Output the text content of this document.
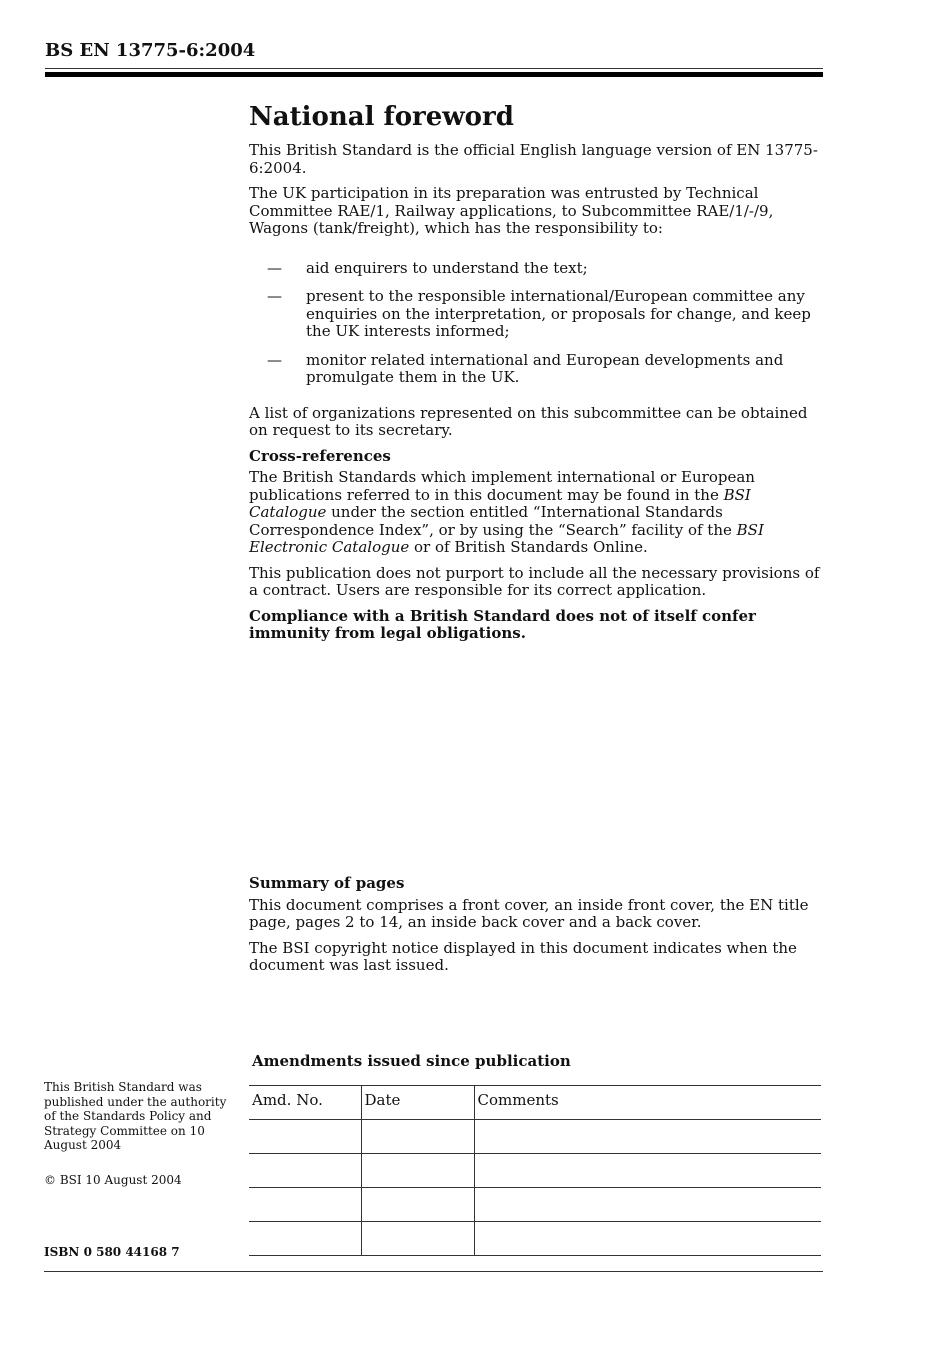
BS EN 13775-6:2004
National foreword

This British Standard is the official English language version of EN 13775-6:2004.

The UK participation in its preparation was entrusted by Technical Committee RAE/1, Railway applications, to Subcommittee RAE/1/-/9, Wagons (tank/freight), which has the responsibility to:

— aid enquirers to understand the text;
— present to the responsible international/European committee any enquiries on the interpretation, or proposals for change, and keep the UK interests informed;
— monitor related international and European developments and promulgate them in the UK.

A list of organizations represented on this subcommittee can be obtained on request to its secretary.

Cross-references

The British Standards which implement international or European publications referred to in this document may be found in the BSI Catalogue under the section entitled “International Standards Correspondence Index”, or by using the “Search” facility of the BSI Electronic Catalogue or of British Standards Online.

This publication does not purport to include all the necessary provisions of a contract. Users are responsible for its correct application.

Compliance with a British Standard does not of itself confer immunity from legal obligations.

Summary of pages

This document comprises a front cover, an inside front cover, the EN title page, pages 2 to 14, an inside back cover and a back cover.

The BSI copyright notice displayed in this document indicates when the document was last issued.

Amendments issued since publication
Amd. No.	Date	Comments

This British Standard was published under the authority of the Standards Policy and Strategy Committee on 10 August 2004
© BSI 10 August 2004
ISBN 0 580 44168 7
